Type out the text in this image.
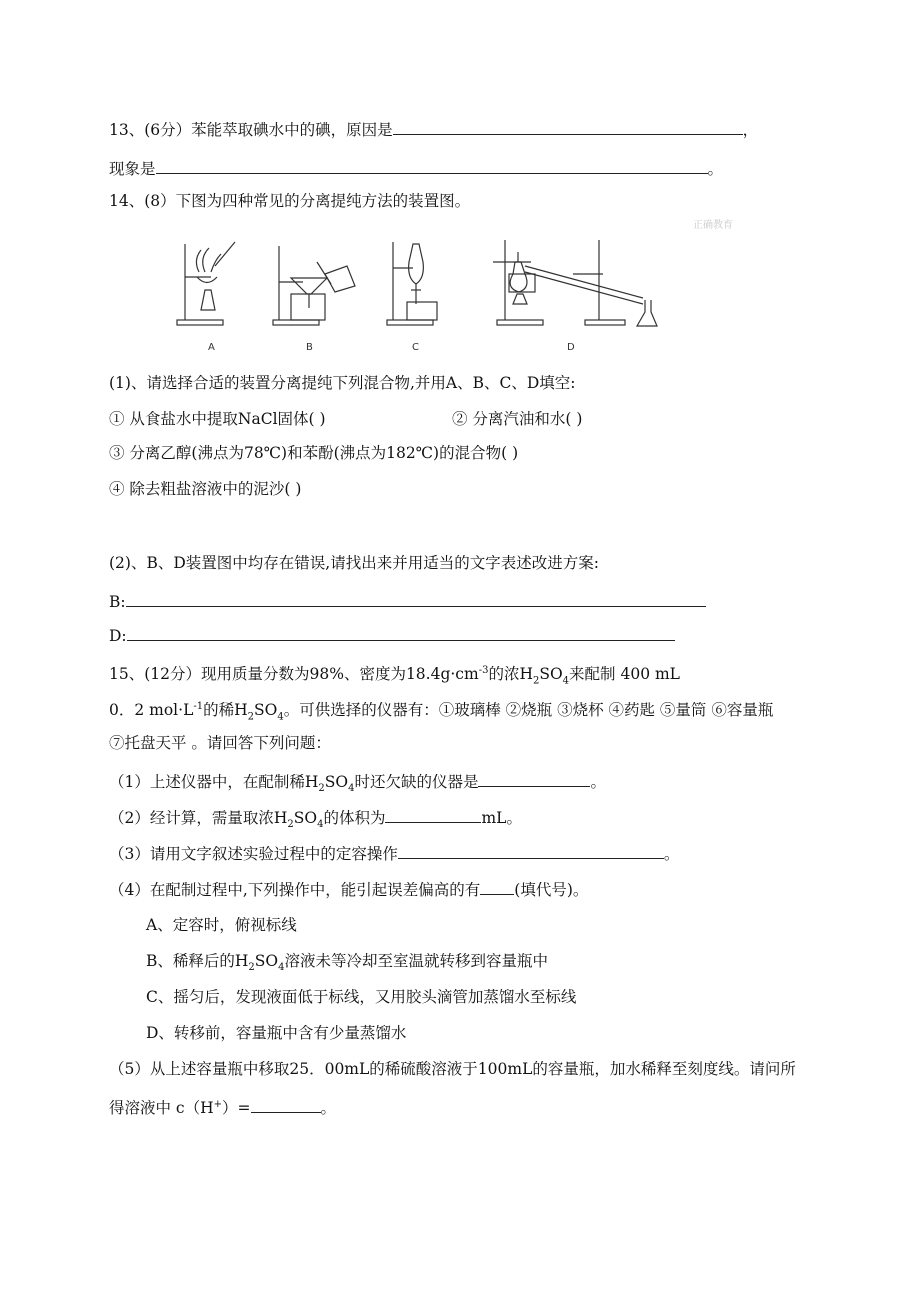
13、(6分）苯能萃取碘水中的碘，原因是	，
现象是	。
14、(8）下图为四种常见的分离提纯方法的装置图。
正确教育
A	B	C	D
(1)、请选择合适的装置分离提纯下列混合物,并用A、B、C、D填空:
① 从食盐水中提取NaCl固体( )	② 分离汽油和水( )
③ 分离乙醇(沸点为78℃)和苯酚(沸点为182℃)的混合物( )
④ 除去粗盐溶液中的泥沙( )
(2)、B、D装置图中均存在错误,请找出来并用适当的文字表述改进方案:
B:
D:
15、(12分）现用质量分数为98%、密度为$18.4g\cdot cm^{-3}$的浓$H_2SO_4$来配制 400 mL
0．2 $mol\cdot L^{-1}$的稀$H_2SO_4$。可供选择的仪器有：①玻璃棒 ②烧瓶 ③烧杯 ④药匙 ⑤量筒 ⑥容量瓶
⑦托盘天平 。请回答下列问题：
（1）上述仪器中，在配制稀$H_2SO_4$时还欠缺的仪器是	。
（2）经计算，需量取浓$H_2SO_4$的体积为	mL。
（3）请用文字叙述实验过程中的定容操作	。
（4）在配制过程中,下列操作中，能引起误差偏高的有 (填代号)。
A、定容时，俯视标线
B、稀释后的$H_2SO_4$溶液未等冷却至室温就转移到容量瓶中
C、摇匀后，发现液面低于标线，又用胶头滴管加蒸馏水至标线
D、转移前，容量瓶中含有少量蒸馏水
（5）从上述容量瓶中移取25．00mL的稀硫酸溶液于100mL的容量瓶，加水稀释至刻度线。请问所
得溶液中 c（H+）=	。
